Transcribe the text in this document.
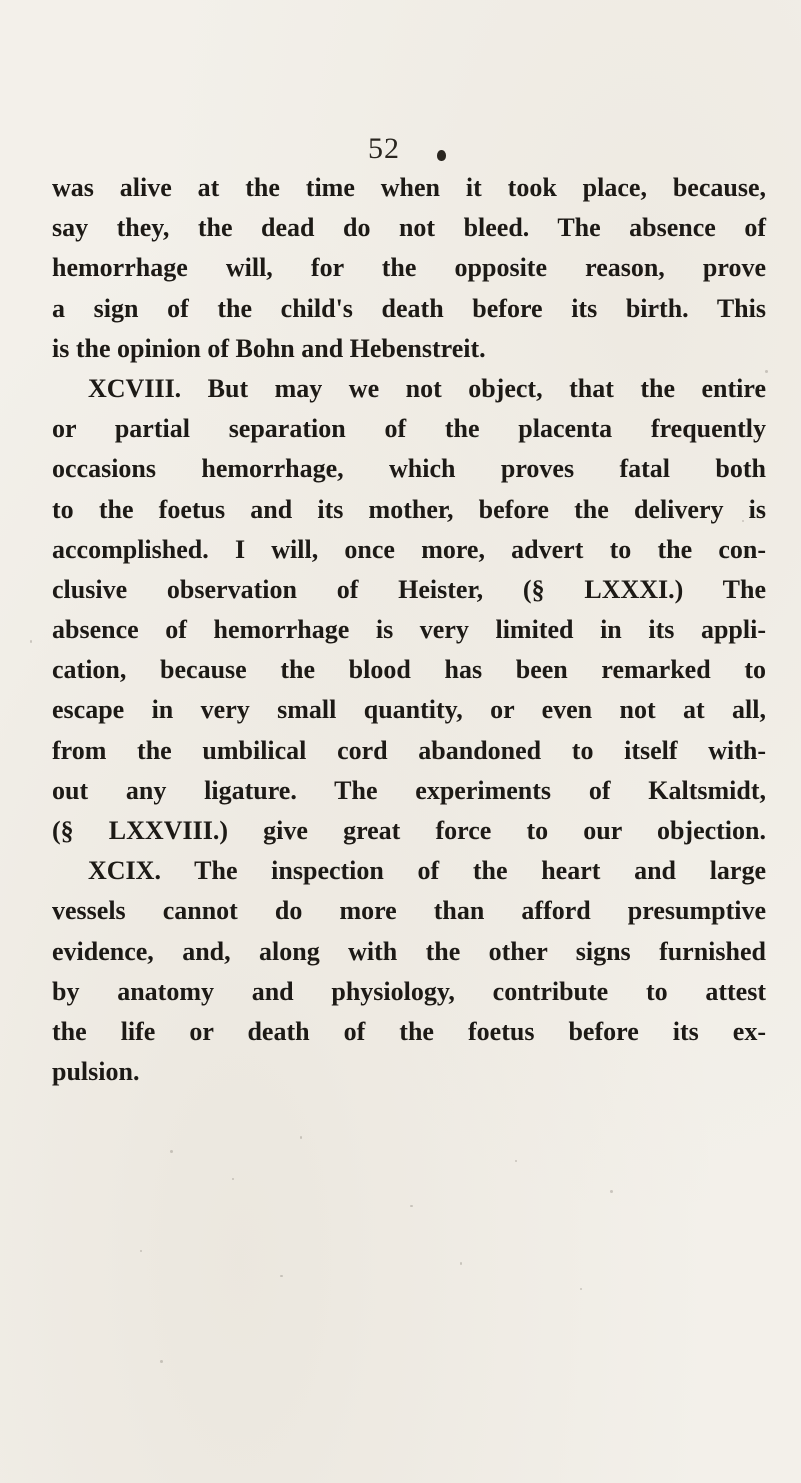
52
was alive at the time when it took place, because,
say they, the dead do not bleed. The absence of
hemorrhage will, for the opposite reason, prove
a sign of the child's death before its birth. This
is the opinion of Bohn and Hebenstreit.
XCVIII. But may we not object, that the entire
or partial separation of the placenta frequently
occasions hemorrhage, which proves fatal both
to the foetus and its mother, before the delivery is
accomplished. I will, once more, advert to the con-
clusive observation of Heister, (§ LXXXI.) The
absence of hemorrhage is very limited in its appli-
cation, because the blood has been remarked to
escape in very small quantity, or even not at all,
from the umbilical cord abandoned to itself with-
out any ligature. The experiments of Kaltsmidt,
(§ LXXVIII.) give great force to our objection.
XCIX. The inspection of the heart and large
vessels cannot do more than afford presumptive
evidence, and, along with the other signs furnished
by anatomy and physiology, contribute to attest
the life or death of the foetus before its ex-
pulsion.
